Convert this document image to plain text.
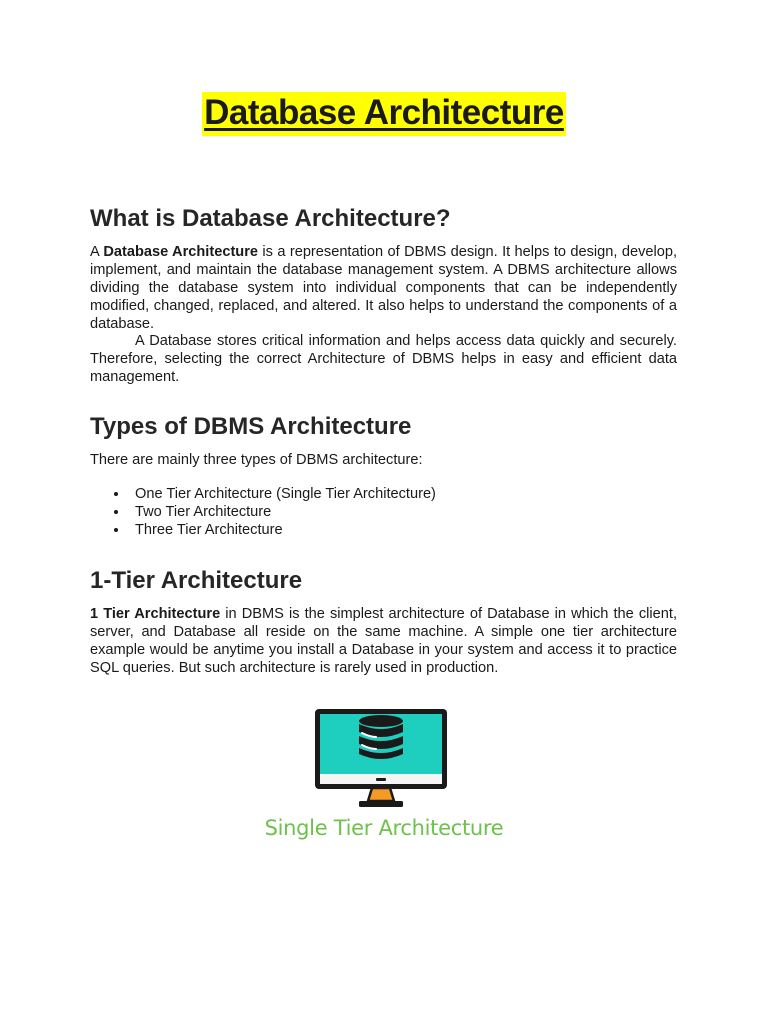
Database Architecture
What is Database Architecture?

A Database Architecture is a representation of DBMS design. It helps to design, develop, implement, and maintain the database management system. A DBMS architecture allows dividing the database system into individual components that can be independently modified, changed, replaced, and altered. It also helps to understand the components of a database.

A Database stores critical information and helps access data quickly and securely. Therefore, selecting the correct Architecture of DBMS helps in easy and efficient data management.

Types of DBMS Architecture

There are mainly three types of DBMS architecture:

One Tier Architecture (Single Tier Architecture)
Two Tier Architecture
Three Tier Architecture
1-Tier Architecture

1 Tier Architecture in DBMS is the simplest architecture of Database in which the client, server, and Database all reside on the same machine. A simple one tier architecture example would be anytime you install a Database in your system and access it to practice SQL queries. But such architecture is rarely used in production.

Single Tier Architecture
